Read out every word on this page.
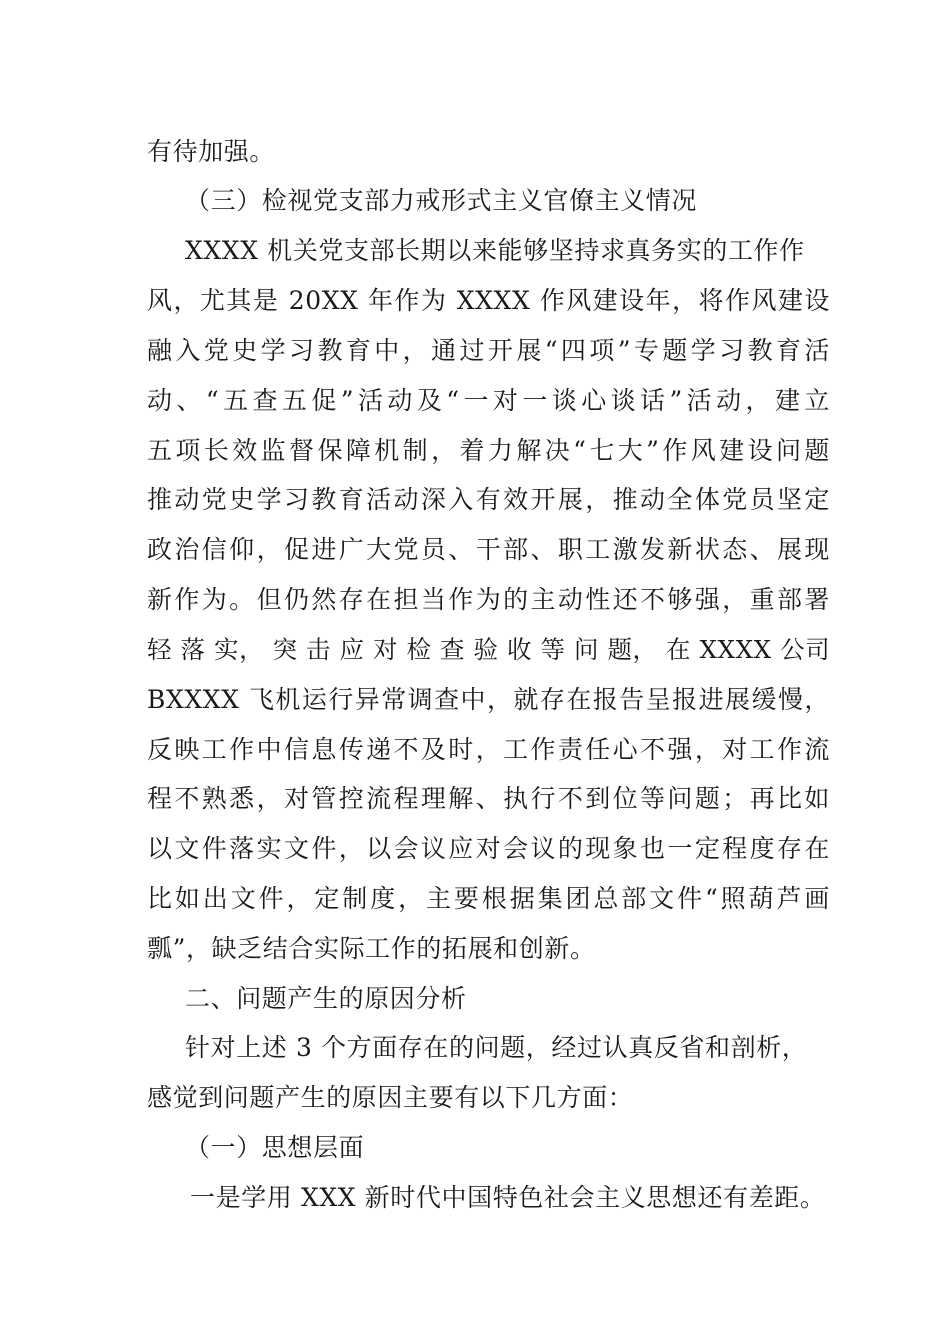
有待加强。
（三）检视党支部力戒形式主义官僚主义情况
XXXX 机关党支部长期以来能够坚持求真务实的工作作
风，尤其是 20XX 年作为 XXXX 作风建设年，将作风建设
融入党史学习教育中，通过开展“四项”专题学习教育活
动、“五查五促”活动及“一对一谈心谈话”活动，建立
五项长效监督保障机制，着力解决“七大”作风建设问题
推动党史学习教育活动深入有效开展，推动全体党员坚定
政治信仰，促进广大党员、干部、职工激发新状态、展现
新作为。但仍然存在担当作为的主动性还不够强，重部署
轻 落 实， 突 击 应 对 检 查 验 收 等 问 题， 在 XXXX 公司
BXXXX 飞机运行异常调查中，就存在报告呈报进展缓慢，
反映工作中信息传递不及时，工作责任心不强，对工作流
程不熟悉，对管控流程理解、执行不到位等问题；再比如
以文件落实文件，以会议应对会议的现象也一定程度存在
比如出文件，定制度，主要根据集团总部文件“照葫芦画
瓢”，缺乏结合实际工作的拓展和创新。
二、问题产生的原因分析
针对上述 3 个方面存在的问题，经过认真反省和剖析，
感觉到问题产生的原因主要有以下几方面：
（一）思想层面
一是学用 XXX 新时代中国特色社会主义思想还有差距。
